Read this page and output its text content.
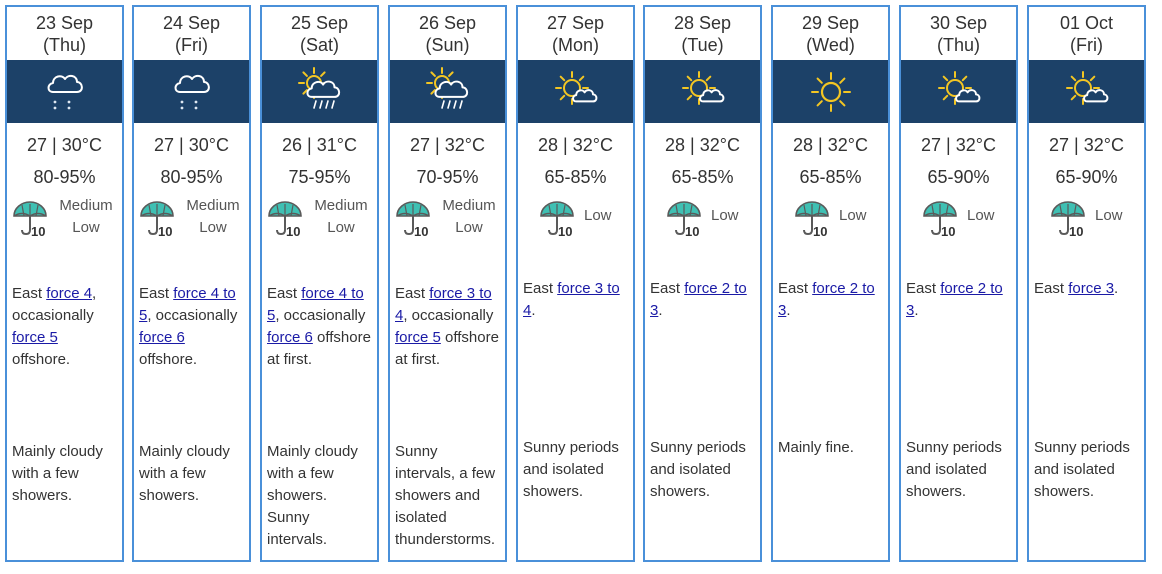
23 Sep
(Thu)
27 | 30°C
80-95%
10
Medium
Low
East force 4, occasionally force 5 offshore.
Mainly cloudy with a few showers.
24 Sep
(Fri)
27 | 30°C
80-95%
10
Medium
Low
East force 4 to 5, occasionally force 6 offshore.
Mainly cloudy with a few showers.
25 Sep
(Sat)
26 | 31°C
75-95%
10
Medium
Low
East force 4 to 5, occasionally force 6 offshore at first.
Mainly cloudy with a few showers. Sunny intervals.
26 Sep
(Sun)
27 | 32°C
70-95%
10
Medium
Low
East force 3 to 4, occasionally force 5 offshore at first.
Sunny intervals, a few showers and isolated thunderstorms.
27 Sep
(Mon)
28 | 32°C
65-85%
10
Low
East force 3 to 4.
Sunny periods and isolated showers.
28 Sep
(Tue)
28 | 32°C
65-85%
10
Low
East force 2 to 3.
Sunny periods and isolated showers.
29 Sep
(Wed)
28 | 32°C
65-85%
10
Low
East force 2 to 3.
Mainly fine.
30 Sep
(Thu)
27 | 32°C
65-90%
10
Low
East force 2 to 3.
Sunny periods and isolated showers.
01 Oct
(Fri)
27 | 32°C
65-90%
10
Low
East force 3.
Sunny periods and isolated showers.
